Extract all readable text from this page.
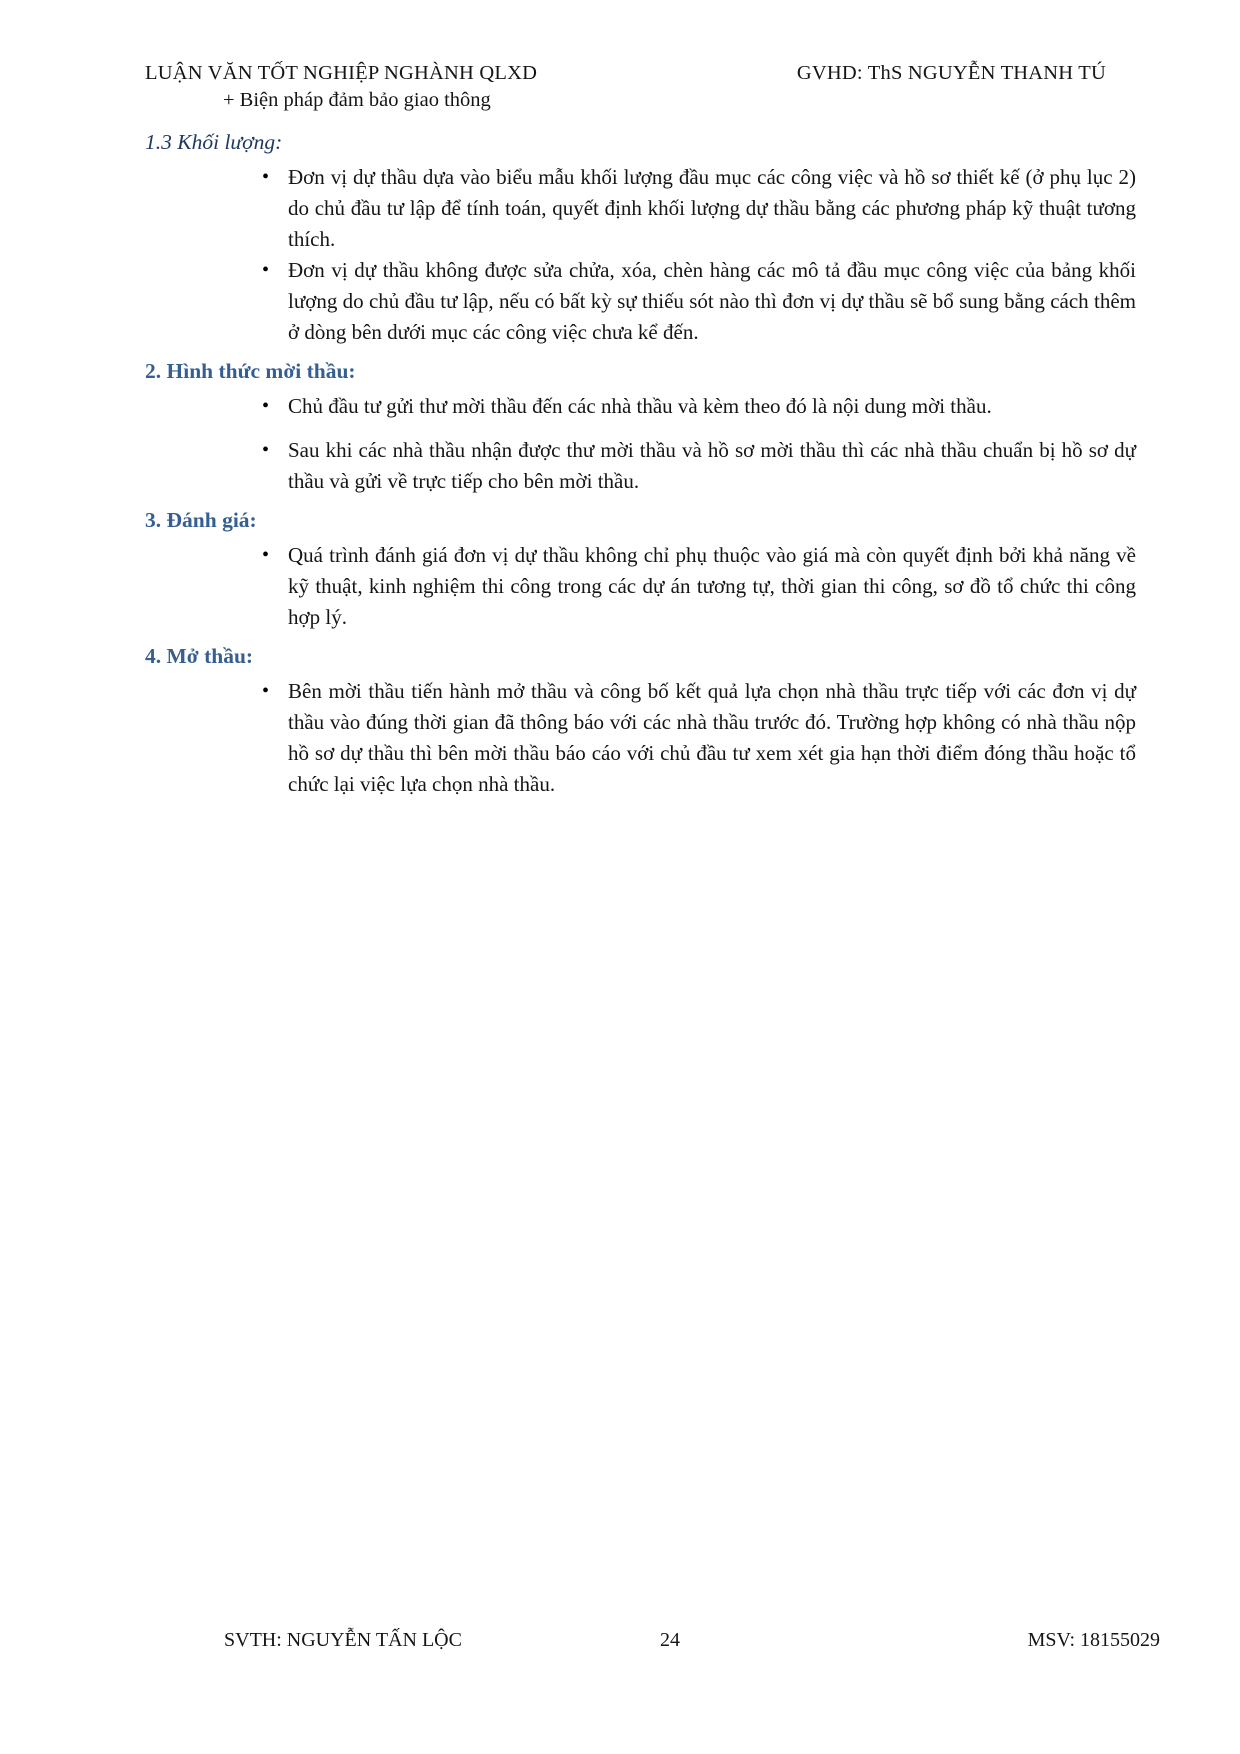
LUẬN VĂN TỐT NGHIỆP NGHÀNH QLXD	GVHD: ThS NGUYỄN THANH TÚ
+ Biện pháp đảm bảo giao thông
1.3 Khối lượng:
• Đơn vị dự thầu dựa vào biểu mẫu khối lượng đầu mục các công việc và hồ sơ thiết kế (ở phụ lục 2) do chủ đầu tư lập để tính toán, quyết định khối lượng dự thầu bằng các phương pháp kỹ thuật tương thích.
• Đơn vị dự thầu không được sửa chửa, xóa, chèn hàng các mô tả đầu mục công việc của bảng khối lượng do chủ đầu tư lập, nếu có bất kỳ sự thiếu sót nào thì đơn vị dự thầu sẽ bổ sung bằng cách thêm ở dòng bên dưới mục các công việc chưa kể đến.
2. Hình thức mời thầu:
• Chủ đầu tư gửi thư mời thầu đến các nhà thầu và kèm theo đó là nội dung mời thầu.
• Sau khi các nhà thầu nhận được thư mời thầu và hồ sơ mời thầu thì các nhà thầu chuẩn bị hồ sơ dự thầu và gửi về trực tiếp cho bên mời thầu.
3. Đánh giá:
• Quá trình đánh giá đơn vị dự thầu không chỉ phụ thuộc vào giá mà còn quyết định bởi khả năng về kỹ thuật, kinh nghiệm thi công trong các dự án tương tự, thời gian thi công, sơ đồ tổ chức thi công hợp lý.
4. Mở thầu:
• Bên mời thầu tiến hành mở thầu và công bố kết quả lựa chọn nhà thầu trực tiếp với các đơn vị dự thầu vào đúng thời gian đã thông báo với các nhà thầu trước đó. Trường hợp không có nhà thầu nộp hồ sơ dự thầu thì bên mời thầu báo cáo với chủ đầu tư xem xét gia hạn thời điểm đóng thầu hoặc tổ chức lại việc lựa chọn nhà thầu.
SVTH: NGUYỄN TẤN LỘC	24	MSV: 18155029
